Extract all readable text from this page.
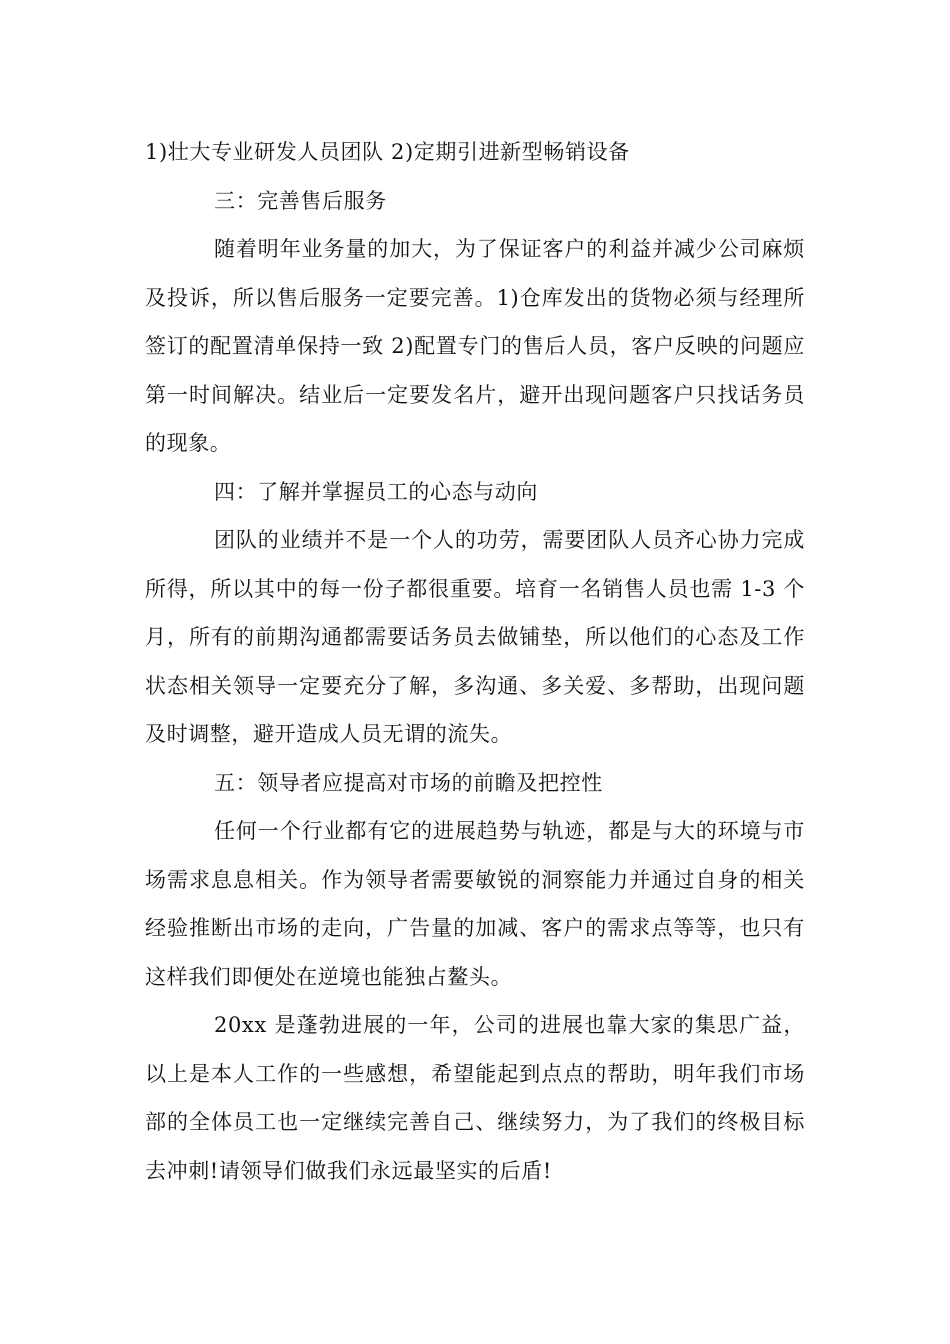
1)壮大专业研发人员团队 2)定期引进新型畅销设备

三：完善售后服务

随着明年业务量的加大，为了保证客户的利益并减少公司麻烦及投诉，所以售后服务一定要完善。1)仓库发出的货物必须与经理所签订的配置清单保持一致 2)配置专门的售后人员，客户反映的问题应第一时间解决。结业后一定要发名片，避开出现问题客户只找话务员的现象。

四：了解并掌握员工的心态与动向

团队的业绩并不是一个人的功劳，需要团队人员齐心协力完成所得，所以其中的每一份子都很重要。培育一名销售人员也需 1-3 个月，所有的前期沟通都需要话务员去做铺垫，所以他们的心态及工作状态相关领导一定要充分了解，多沟通、多关爱、多帮助，出现问题及时调整，避开造成人员无谓的流失。

五：领导者应提高对市场的前瞻及把控性

任何一个行业都有它的进展趋势与轨迹，都是与大的环境与市场需求息息相关。作为领导者需要敏锐的洞察能力并通过自身的相关经验推断出市场的走向，广告量的加减、客户的需求点等等，也只有这样我们即便处在逆境也能独占鳌头。

20xx 是蓬勃进展的一年，公司的进展也靠大家的集思广益，以上是本人工作的一些感想，希望能起到点点的帮助，明年我们市场部的全体员工也一定继续完善自己、继续努力，为了我们的终极目标去冲刺!请领导们做我们永远最坚实的后盾!
